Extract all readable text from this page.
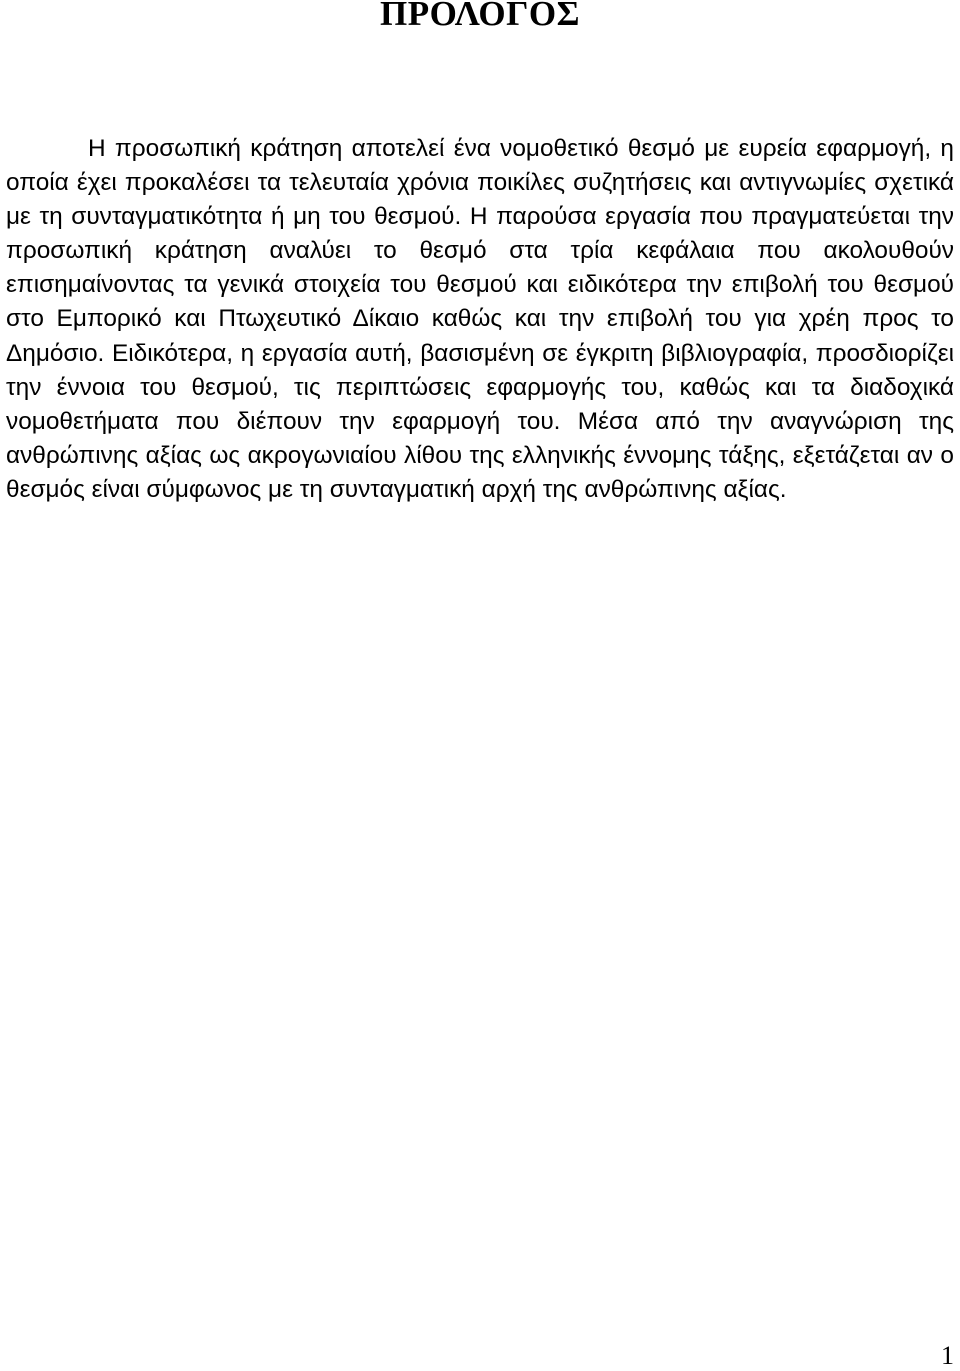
ΠΡΟΛΟΓΟΣ

Η προσωπική κράτηση αποτελεί ένα νομοθετικό θεσμό με ευρεία εφαρμογή, η οποία έχει προκαλέσει τα τελευταία χρόνια ποικίλες συζητήσεις και αντιγνωμίες σχετικά με τη συνταγματικότητα ή μη του θεσμού. Η παρούσα εργασία που πραγματεύεται την προσωπική κράτηση αναλύει το θεσμό στα τρία κεφάλαια που ακολουθούν επισημαίνοντας τα γενικά στοιχεία του θεσμού και ειδικότερα την επιβολή του θεσμού στο Εμπορικό και Πτωχευτικό Δίκαιο καθώς και την επιβολή του για χρέη προς το Δημόσιο. Ειδικότερα, η εργασία αυτή, βασισμένη σε έγκριτη βιβλιογραφία, προσδιορίζει την έννοια του θεσμού, τις περιπτώσεις εφαρμογής του, καθώς και τα διαδοχικά νομοθετήματα που διέπουν την εφαρμογή του. Μέσα από την αναγνώριση της ανθρώπινης αξίας ως ακρογωνιαίου λίθου της ελληνικής έννομης τάξης, εξετάζεται αν ο θεσμός είναι σύμφωνος με τη συνταγματική αρχή της ανθρώπινης αξίας.

1
